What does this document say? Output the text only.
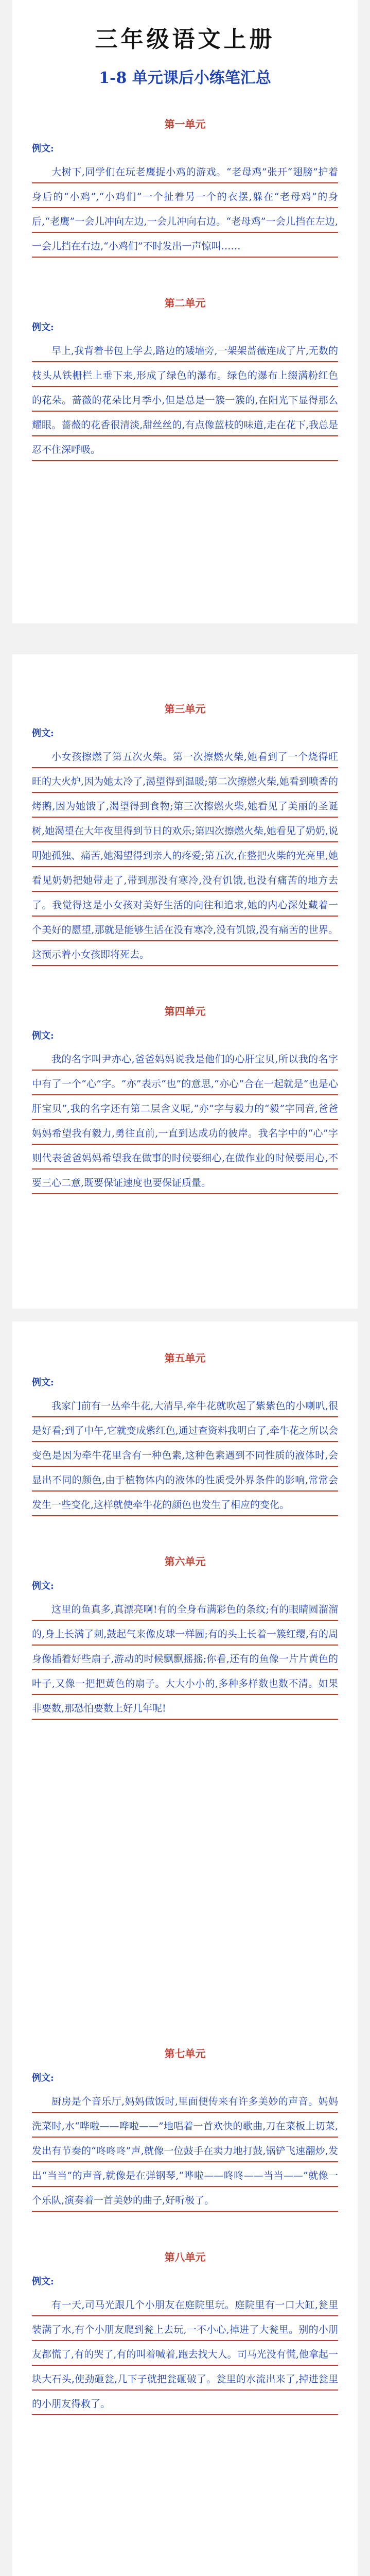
三年级语文上册
1-8 单元课后小练笔汇总
第一单元
例文:

大树下,同学们在玩老鹰捉小鸡的游戏。“老母鸡”张开“翅膀”护着身后的“小鸡”,“小鸡们”一个扯着另一个的衣摆,躲在“老母鸡”的身后,“老鹰”一会儿冲向左边,一会儿冲向右边。“老母鸡”一会儿挡在左边,一会儿挡在右边,“小鸡们”不时发出一声惊叫……

第二单元
例文:

早上,我背着书包上学去,路边的矮墙旁,一架架蔷薇连成了片,无数的枝头从铁栅栏上垂下来,形成了绿色的瀑布。绿色的瀑布上缀满粉红色的花朵。蔷薇的花朵比月季小,但是总是一簇一簇的,在阳光下显得那么耀眼。蔷薇的花香很清淡,甜丝丝的,有点像蓝枝的味道,走在花下,我总是忍不住深呼吸。

第三单元
例文:

小女孩擦燃了第五次火柴。第一次擦燃火柴,她看到了一个烧得旺旺的大火炉,因为她太冷了,渴望得到温暖;第二次擦燃火柴,她看到喷香的烤鹅,因为她饿了,渴望得到食物;第三次擦燃火柴,她看见了美丽的圣诞树,她渴望在大年夜里得到节日的欢乐;第四次擦燃火柴,她看见了奶奶,说明她孤独、痛苦,她渴望得到亲人的疼爱;第五次,在整把火柴的光亮里,她看见奶奶把她带走了,带到那没有寒冷,没有饥饿,也没有痛苦的地方去了。我觉得这是小女孩对美好生活的向往和追求,她的内心深处藏着一个美好的愿望,那就是能够生活在没有寒冷,没有饥饿,没有痛苦的世界。这预示着小女孩即将死去。

第四单元
例文:

我的名字叫尹亦心,爸爸妈妈说我是他们的心肝宝贝,所以我的名字中有了一个“心”字。“亦”表示“也”的意思,“亦心”合在一起就是“也是心肝宝贝”,我的名字还有第二层含义呢,“亦”字与毅力的“毅”字同音,爸爸妈妈希望我有毅力,勇往直前,一直到达成功的彼岸。我名字中的“心”字则代表爸爸妈妈希望我在做事的时候要细心,在做作业的时候要用心,不要三心二意,既要保证速度也要保证质量。

第五单元
例文:

我家门前有一丛牵牛花,大清早,牵牛花就吹起了紫紫色的小喇叭,很是好看;到了中午,它就变成紫红色,通过查资料我明白了,牵牛花之所以会变色是因为牵牛花里含有一种色素,这种色素遇到不同性质的液体时,会显出不同的颜色,由于植物体内的液体的性质受外界条件的影响,常常会发生一些变化,这样就使牵牛花的颜色也发生了相应的变化。

第六单元
例文:

这里的鱼真多,真漂亮啊!有的全身布满彩色的条纹;有的眼睛圆溜溜的,身上长满了刺,鼓起气来像皮球一样圆;有的头上长着一簇红缨,有的周身像插着好些扇子,游动的时候飘飘摇摇;你看,还有的鱼像一片片黄色的叶子,又像一把把黄色的扇子。大大小小的,多种多样数也数不清。如果非要数,那恐怕要数上好几年呢!

第七单元
例文:

厨房是个音乐厅,妈妈做饭时,里面便传来有许多美妙的声音。妈妈洗菜时,水“哗啦——哗啦——”地唱着一首欢快的歌曲,刀在菜板上切菜,发出有节奏的“咚咚咚”声,就像一位鼓手在卖力地打鼓,锅铲飞速翻炒,发出“当当”的声音,就像是在弹钢琴,“哗啦——咚咚——当当——”就像一个乐队,演奏着一首美妙的曲子,好听极了。

第八单元
例文:

有一天,司马光跟几个小朋友在庭院里玩。庭院里有一口大缸,瓮里装满了水,有个小朋友爬到瓮上去玩,一不小心,掉进了大瓮里。别的小朋友都慌了,有的哭了,有的叫着喊着,跑去找大人。司马光没有慌,他拿起一块大石头,使劲砸瓮,几下子就把瓮砸破了。瓮里的水流出来了,掉进瓮里的小朋友得救了。
